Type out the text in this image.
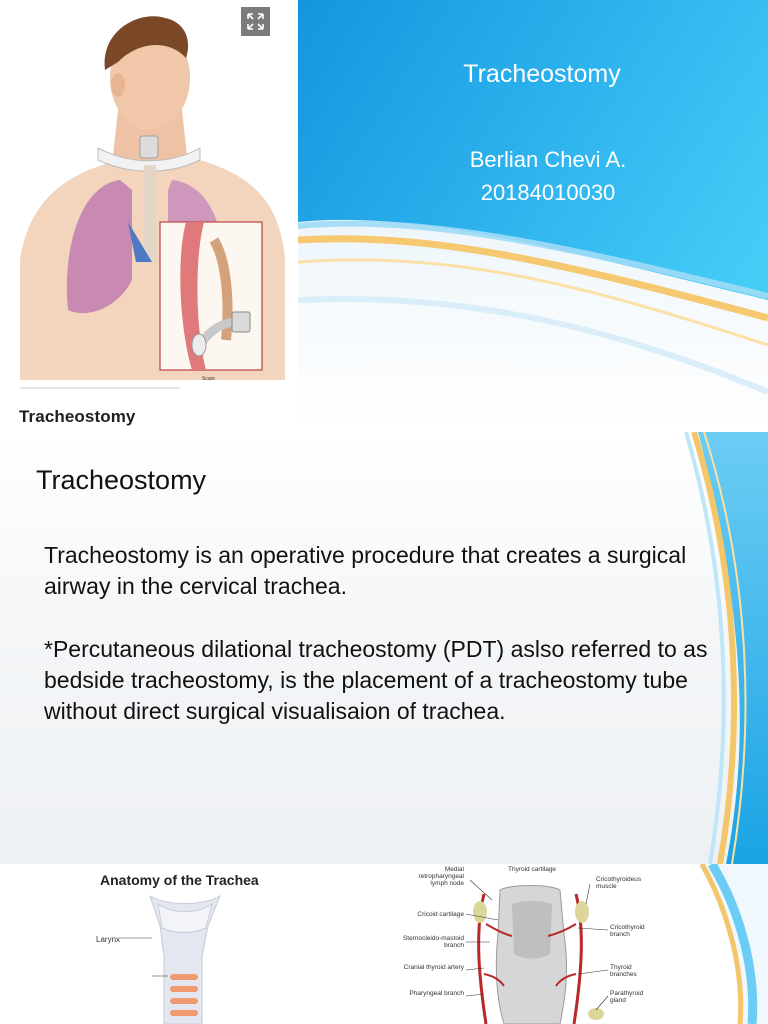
Scars
Tracheostomy
Tracheostomy
Berlian Chevi A.
20184010030
Tracheostomy

Tracheostomy is an operative procedure that creates a surgical airway in the cervical trachea.

*Percutaneous dilational tracheostomy (PDT) aslso referred to as bedside tracheostomy, is the placement of a tracheostomy tube without direct surgical visualisaion of trachea.

Anatomy of the Trachea
Larynx
Medial retropharyngeal lymph node
Thyroid cartilage
Cricoid cartilage
Sternocleido-mastoid branch
Cranial thyroid artery
Pharyngeal branch
Cricothyroideus muscle
Cricothyroid branch
Thyroid branches
Parathyroid gland
